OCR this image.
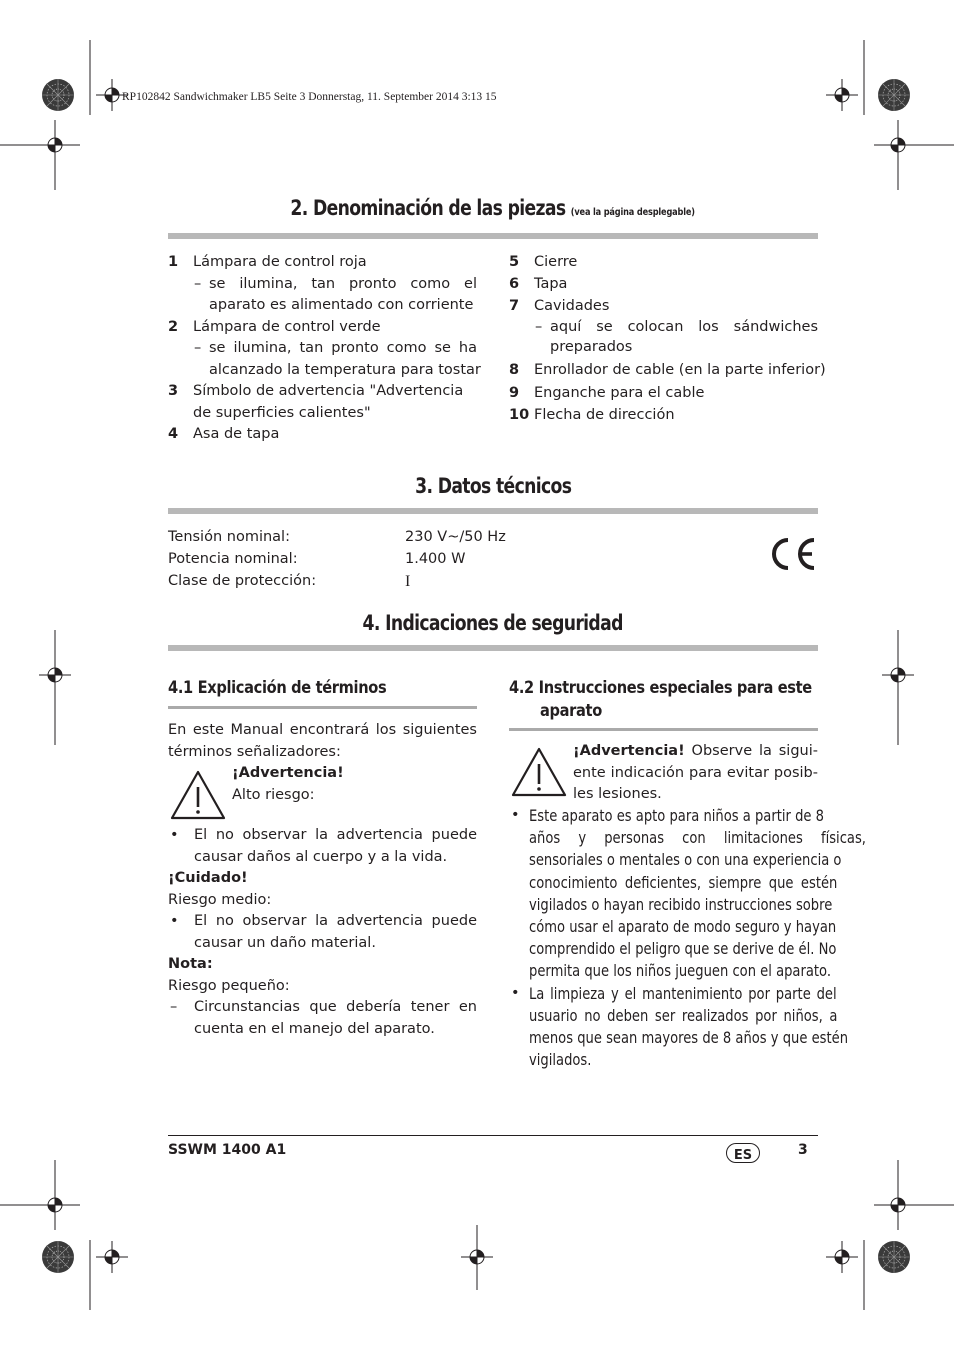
RP102842 Sandwichmaker LB5 Seite 3 Donnerstag, 11. September 2014 3:13 15
2. Denominación de las piezas (vea la página desplegable)
1 Lámpara de control roja
– se ilumina, tan pronto como el
aparato es alimentado con corriente
2 Lámpara de control verde
– se ilumina, tan pronto como se ha
alcanzado la temperatura para tostar
3 Símbolo de advertencia "Advertencia
de superficies calientes"
4 Asa de tapa
5 Cierre
6 Tapa
7 Cavidades
– aquí se colocan los sándwiches
preparados
8 Enrollador de cable (en la parte inferior)
9 Enganche para el cable
10 Flecha de dirección
3. Datos técnicos
Tensión nominal:	230 V~/50 Hz
Potencia nominal:	1.400 W
Clase de protección:	I
4. Indicaciones de seguridad
4.1 Explicación de términos
En este Manual encontrará los siguientes
términos señalizadores:
¡Advertencia!
Alto riesgo:
• El no observar la advertencia puede
causar daños al cuerpo y a la vida.
¡Cuidado!
Riesgo medio:
• El no observar la advertencia puede
causar un daño material.
Nota:
Riesgo pequeño:
– Circunstancias que debería tener en
cuenta en el manejo del aparato.
4.2 Instrucciones especiales para este
aparato
¡Advertencia! Observe la sigui-
ente indicación para evitar posib-
les lesiones.
• Este aparato es apto para niños a partir de 8
años y personas con limitaciones físicas,
sensoriales o mentales o con una experiencia o
conocimiento deficientes, siempre que estén
vigilados o hayan recibido instrucciones sobre
cómo usar el aparato de modo seguro y hayan
comprendido el peligro que se derive de él. No
permita que los niños jueguen con el aparato.
• La limpieza y el mantenimiento por parte del
usuario no deben ser realizados por niños, a
menos que sean mayores de 8 años y que estén
vigilados.
SSWM 1400 A1	ES	3
